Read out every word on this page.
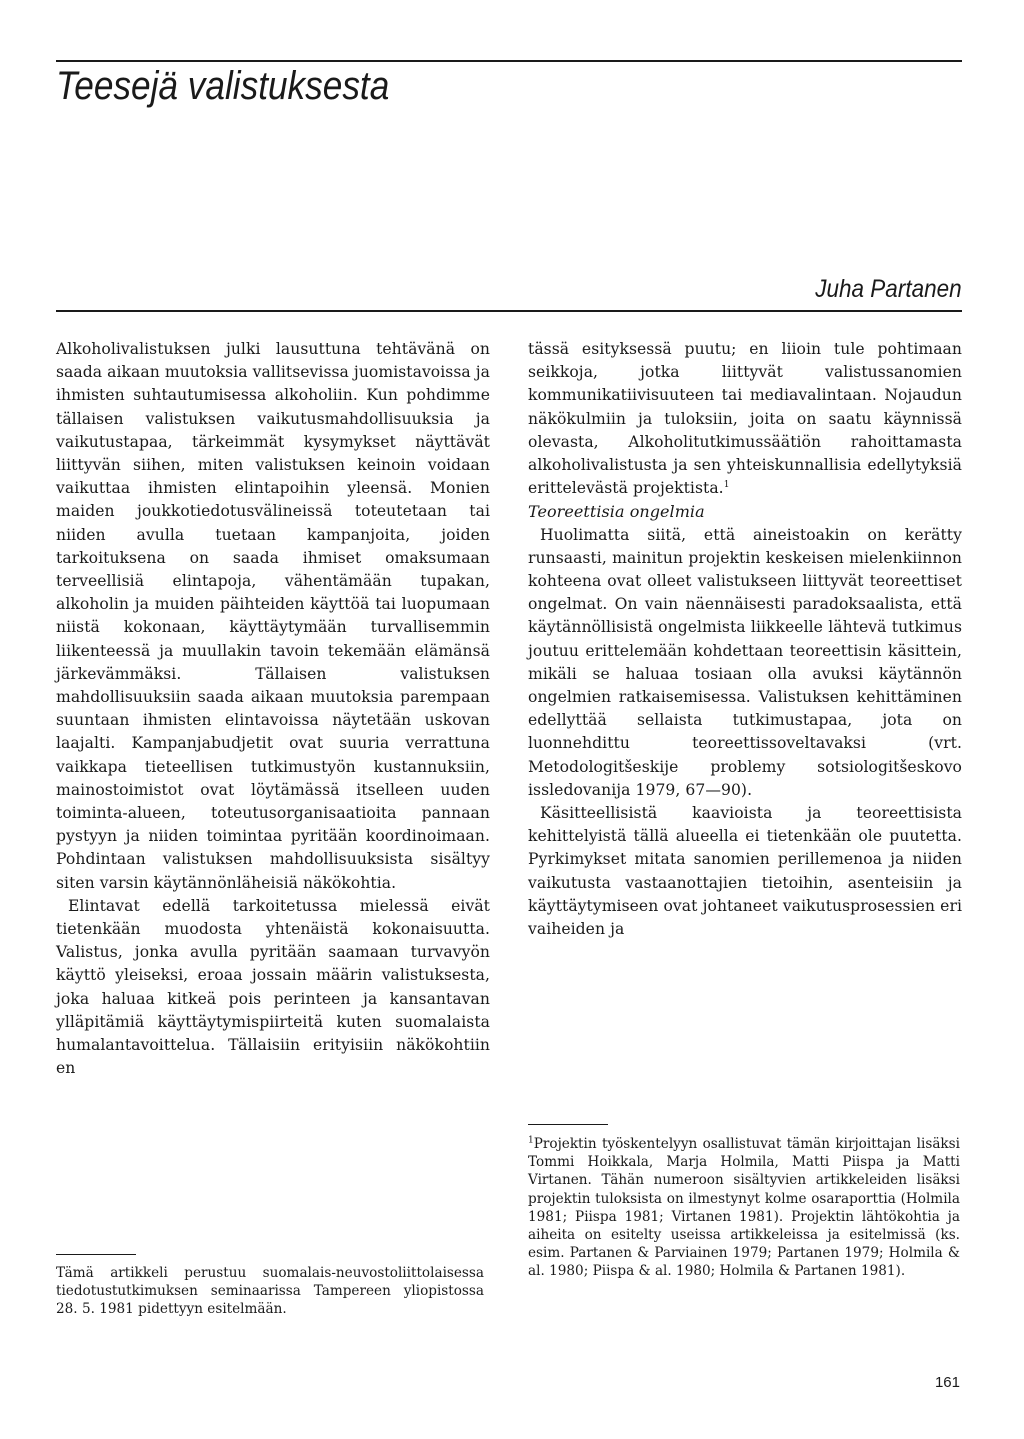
Teesejä valistuksesta
Juha Partanen

Alkoholivalistuksen julki lausuttuna tehtävänä on saada aikaan muutoksia vallitsevissa juomistavoissa ja ihmisten suhtautumisessa alkoholiin. Kun pohdimme tällaisen valistuksen vaikutusmahdollisuuksia ja vaikutustapaa, tärkeimmät kysymykset näyttävät liittyvän siihen, miten valistuksen keinoin voidaan vaikuttaa ihmisten elintapoihin yleensä. Monien maiden joukkotiedotusvälineissä toteutetaan tai niiden avulla tuetaan kampanjoita, joiden tarkoituksena on saada ihmiset omaksumaan terveellisiä elintapoja, vähentämään tupakan, alkoholin ja muiden päihteiden käyttöä tai luopumaan niistä kokonaan, käyttäytymään turvallisemmin liikenteessä ja muullakin tavoin tekemään elämänsä järkevämmäksi. Tällaisen valistuksen mahdollisuuksiin saada aikaan muutoksia parempaan suuntaan ihmisten elintavoissa näytetään uskovan laajalti. Kampanjabudjetit ovat suuria verrattuna vaikkapa tieteellisen tutkimustyön kustannuksiin, mainostoimistot ovat löytämässä itselleen uuden toiminta-alueen, toteutusorganisaatioita pannaan pystyyn ja niiden toimintaa pyritään koordinoimaan. Pohdintaan valistuksen mahdollisuuksista sisältyy siten varsin käytännönläheisiä näkökohtia.

Elintavat edellä tarkoitetussa mielessä eivät tietenkään muodosta yhtenäistä kokonaisuutta. Valistus, jonka avulla pyritään saamaan turvavyön käyttö yleiseksi, eroaa jossain määrin valistuksesta, joka haluaa kitkeä pois perinteen ja kansantavan ylläpitämiä käyttäytymispiirteitä kuten suomalaista humalantavoittelua. Tällaisiin erityisiin näkökohtiin en

Tämä artikkeli perustuu suomalais-neuvostoliittolaisessa tiedotustutkimuksen seminaarissa Tampereen yliopistossa 28. 5. 1981 pidettyyn esitelmään.

tässä esityksessä puutu; en liioin tule pohtimaan seikkoja, jotka liittyvät valistussanomien kommunikatiivisuuteen tai mediavalintaan. Nojaudun näkökulmiin ja tuloksiin, joita on saatu käynnissä olevasta, Alkoholitutkimussäätiön rahoittamasta alkoholivalistusta ja sen yhteiskunnallisia edellytyksiä erittelevästä projektista.$^1$

Teoreettisia ongelmia

Huolimatta siitä, että aineistoakin on kerätty runsaasti, mainitun projektin keskeisen mielenkiinnon kohteena ovat olleet valistukseen liittyvät teoreettiset ongelmat. On vain näennäisesti paradoksaalista, että käytännöllisistä ongelmista liikkeelle lähtevä tutkimus joutuu erittelemään kohdettaan teoreettisin käsittein, mikäli se haluaa tosiaan olla avuksi käytännön ongelmien ratkaisemisessa. Valistuksen kehittäminen edellyttää sellaista tutkimustapaa, jota on luonnehdittu teoreettissoveltavaksi (vrt. Metodologitšeskije problemy sotsiologitšeskovo issledovanija 1979, 67—90).

Käsitteellisistä kaavioista ja teoreettisista kehittelyistä tällä alueella ei tietenkään ole puutetta. Pyrkimykset mitata sanomien perillemenoa ja niiden vaikutusta vastaanottajien tietoihin, asenteisiin ja käyttäytymiseen ovat johtaneet vaikutusprosessien eri vaiheiden ja

$^1$Projektin työskentelyyn osallistuvat tämän kirjoittajan lisäksi Tommi Hoikkala, Marja Holmila, Matti Piispa ja Matti Virtanen. Tähän numeroon sisältyvien artikkeleiden lisäksi projektin tuloksista on ilmestynyt kolme osaraporttia (Holmila 1981; Piispa 1981; Virtanen 1981). Projektin lähtökohtia ja aiheita on esitelty useissa artikkeleissa ja esitelmissä (ks. esim. Partanen & Parviainen 1979; Partanen 1979; Holmila & al. 1980; Piispa & al. 1980; Holmila & Partanen 1981).

161
